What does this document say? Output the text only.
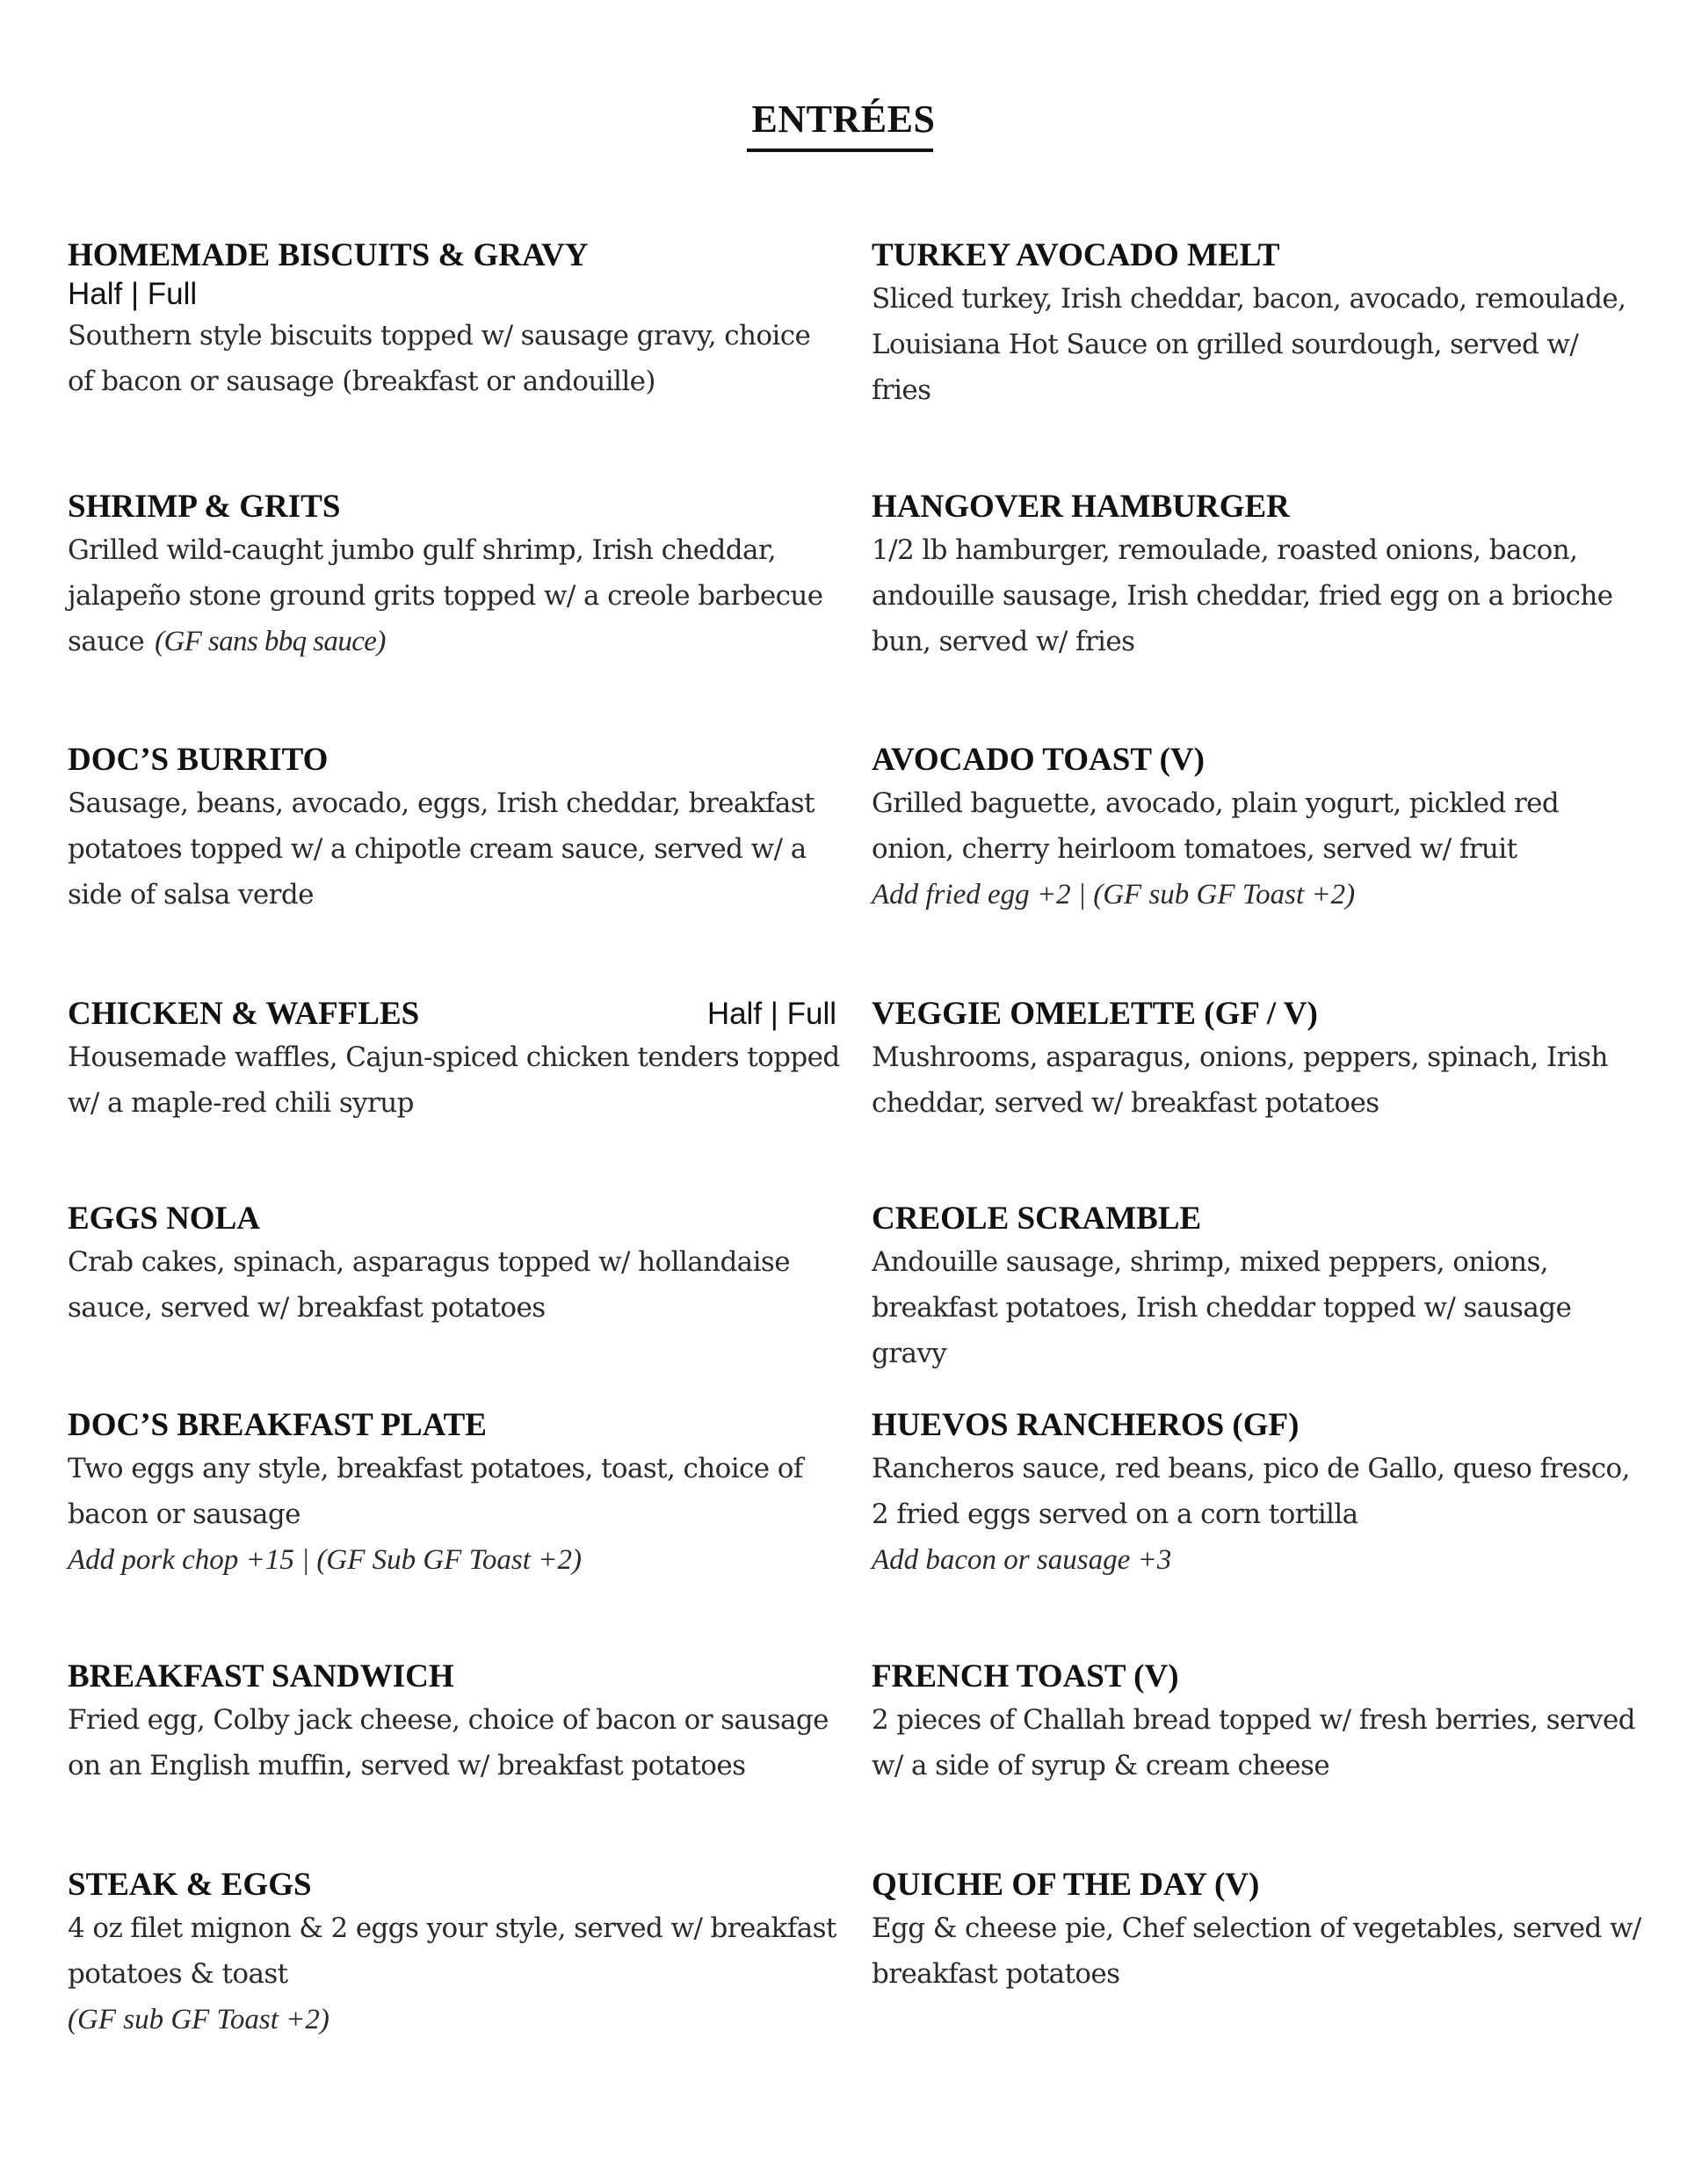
ENTRÉES
HOMEMADE BISCUITS & GRAVY
Half | Full
Southern style biscuits topped w/ sausage gravy, choice of bacon or sausage (breakfast or andouille)
SHRIMP & GRITS
Grilled wild-caught jumbo gulf shrimp, Irish cheddar, jalapeño stone ground grits topped w/ a creole barbecue sauce (GF sans bbq sauce)
DOC’S BURRITO
Sausage, beans, avocado, eggs, Irish cheddar, breakfast potatoes topped w/ a chipotle cream sauce, served w/ a side of salsa verde
CHICKEN & WAFFLES	Half | Full
Housemade waffles, Cajun-spiced chicken tenders topped w/ a maple-red chili syrup
EGGS NOLA
Crab cakes, spinach, asparagus topped w/ hollandaise sauce, served w/ breakfast potatoes
DOC’S BREAKFAST PLATE
Two eggs any style, breakfast potatoes, toast, choice of bacon or sausage
Add pork chop +15 | (GF Sub GF Toast +2)
BREAKFAST SANDWICH
Fried egg, Colby jack cheese, choice of bacon or sausage on an English muffin, served w/ breakfast potatoes
STEAK & EGGS
4 oz filet mignon & 2 eggs your style, served w/ breakfast potatoes & toast
(GF sub GF Toast +2)
TURKEY AVOCADO MELT
Sliced turkey, Irish cheddar, bacon, avocado, remoulade, Louisiana Hot Sauce on grilled sourdough, served w/ fries
HANGOVER HAMBURGER
1/2 lb hamburger, remoulade, roasted onions, bacon, andouille sausage, Irish cheddar, fried egg on a brioche bun, served w/ fries
AVOCADO TOAST (V)
Grilled baguette, avocado, plain yogurt, pickled red onion, cherry heirloom tomatoes, served w/ fruit
Add fried egg +2 | (GF sub GF Toast +2)
VEGGIE OMELETTE (GF / V)
Mushrooms, asparagus, onions, peppers, spinach, Irish cheddar, served w/ breakfast potatoes
CREOLE SCRAMBLE
Andouille sausage, shrimp, mixed peppers, onions, breakfast potatoes, Irish cheddar topped w/ sausage gravy
HUEVOS RANCHEROS (GF)
Rancheros sauce, red beans, pico de Gallo, queso fresco, 2 fried eggs served on a corn tortilla
Add bacon or sausage +3
FRENCH TOAST (V)
2 pieces of Challah bread topped w/ fresh berries, served w/ a side of syrup & cream cheese
QUICHE OF THE DAY (V)
Egg & cheese pie, Chef selection of vegetables, served w/ breakfast potatoes
